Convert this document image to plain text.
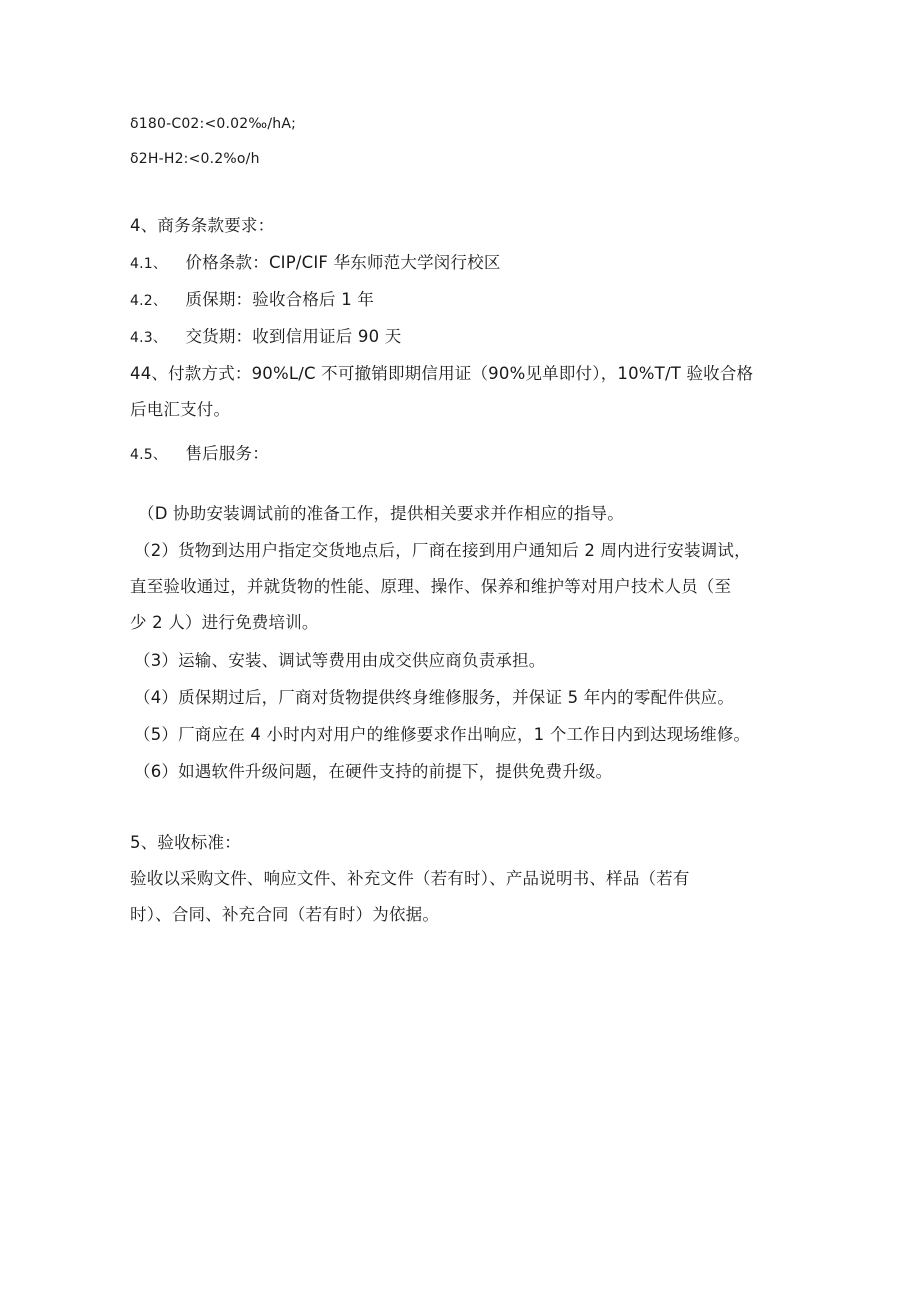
δ180-C02:<0.02‰∕hA;
δ2H-H2:<0.2%o∕h
4、商务条款要求：
4.1、 价格条款：CIP/CIF 华东师范大学闵行校区
4.2、 质保期：验收合格后 1 年
4.3、 交货期：收到信用证后 90 天
44、付款方式：90%L∕C 不可撤销即期信用证（90%见单即付），10%T∕T 验收合格
后电汇支付。
4.5、 售后服务：
（D 协助安装调试前的准备工作，提供相关要求并作相应的指导。
（2）货物到达用户指定交货地点后，厂商在接到用户通知后 2 周内进行安装调试，
直至验收通过，并就货物的性能、原理、操作、保养和维护等对用户技术人员（至
少 2 人）进行免费培训。
（3）运输、安装、调试等费用由成交供应商负责承担。
（4）质保期过后，厂商对货物提供终身维修服务，并保证 5 年内的零配件供应。
（5）厂商应在 4 小时内对用户的维修要求作出响应，1 个工作日内到达现场维修。
（6）如遇软件升级问题，在硬件支持的前提下，提供免费升级。
5、验收标准：
验收以采购文件、响应文件、补充文件（若有时）、产品说明书、样品（若有
时）、合同、补充合同（若有时）为依据。
